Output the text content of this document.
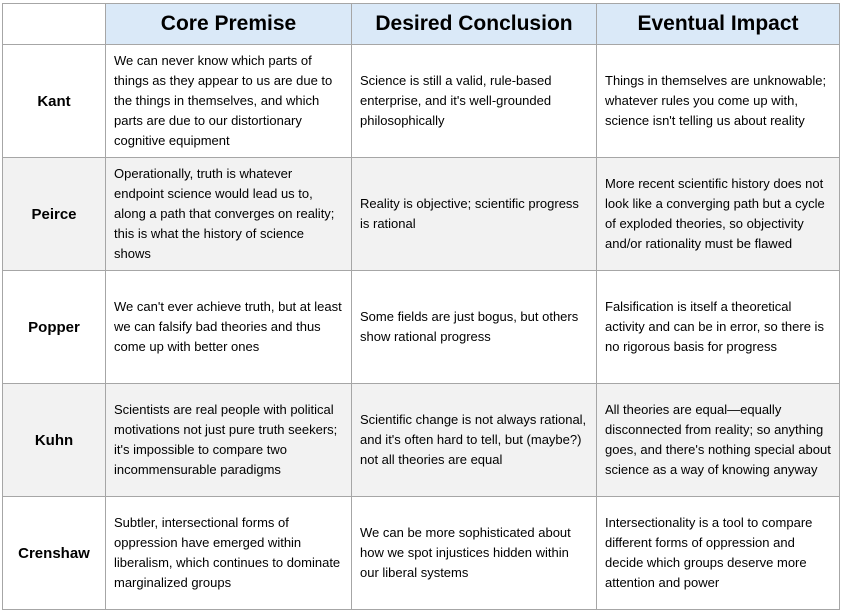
	Core Premise	Desired Conclusion	Eventual Impact
Kant	We can never know which parts of things as they appear to us are due to the things in themselves, and which parts are due to our distortionary cognitive equipment	Science is still a valid, rule-based enterprise, and it's well-grounded philosophically	Things in themselves are unknowable; whatever rules you come up with, science isn't telling us about reality
Peirce	Operationally, truth is whatever endpoint science would lead us to, along a path that converges on reality; this is what the history of science shows	Reality is objective; scientific progress is rational	More recent scientific history does not look like a converging path but a cycle of exploded theories, so objectivity and/or rationality must be flawed
Popper	We can't ever achieve truth, but at least we can falsify bad theories and thus come up with better ones	Some fields are just bogus, but others show rational progress	Falsification is itself a theoretical activity and can be in error, so there is no rigorous basis for progress
Kuhn	Scientists are real people with political motivations not just pure truth seekers; it's impossible to compare two incommensurable paradigms	Scientific change is not always rational, and it's often hard to tell, but (maybe?) not all theories are equal	All theories are equal—equally disconnected from reality; so anything goes, and there's nothing special about science as a way of knowing anyway
Crenshaw	Subtler, intersectional forms of oppression have emerged within liberalism, which continues to dominate marginalized groups	We can be more sophisticated about how we spot injustices hidden within our liberal systems	Intersectionality is a tool to compare different forms of oppression and decide which groups deserve more attention and power
